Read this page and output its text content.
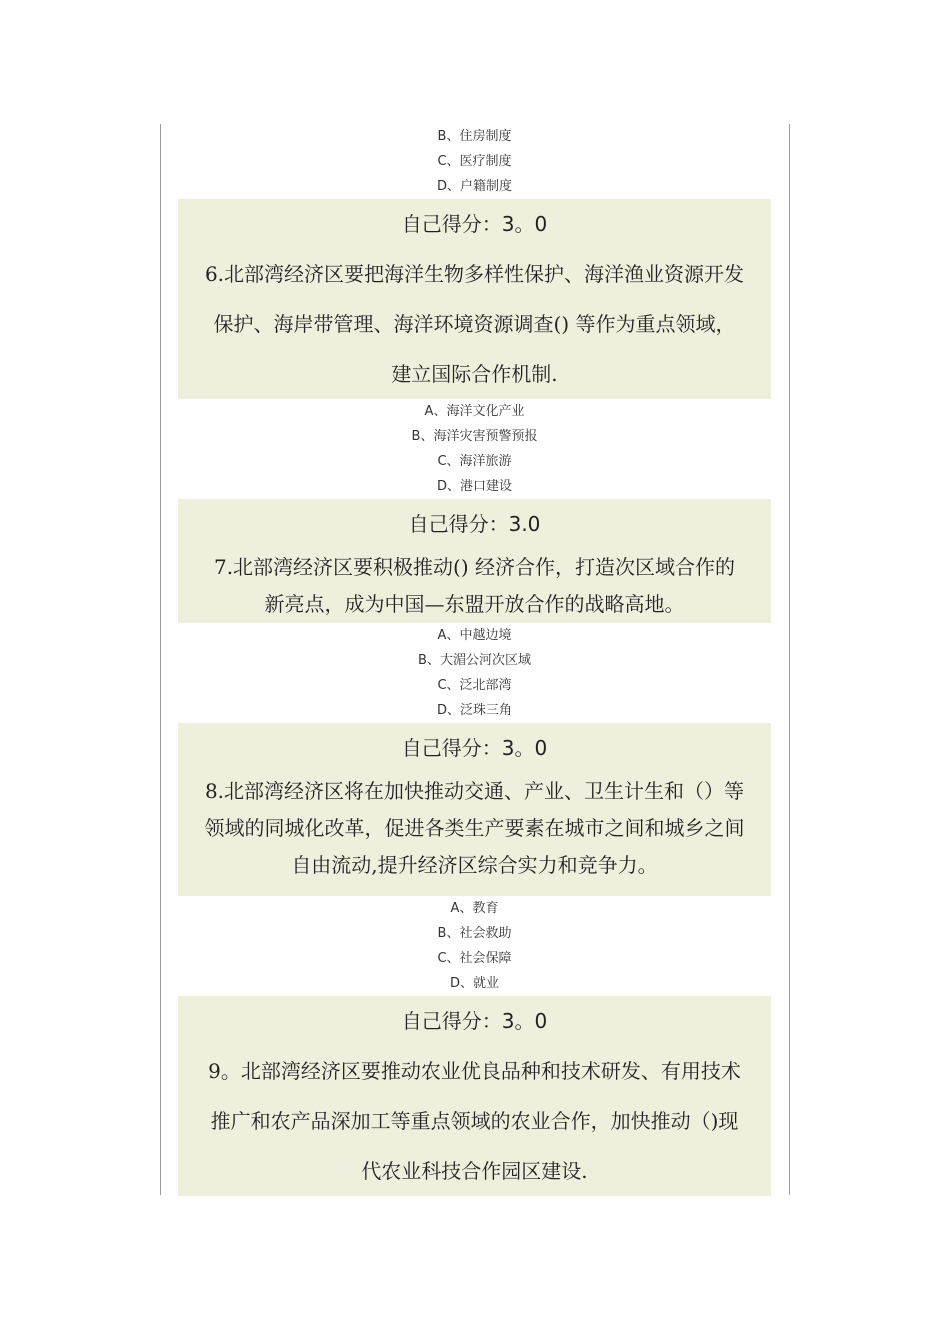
B、住房制度
C、医疗制度
D、户籍制度
自己得分：3。0
6.北部湾经济区要把海洋生物多样性保护、海洋渔业资源开发
保护、海岸带管理、海洋环境资源调查() 等作为重点领域，
建立国际合作机制.
A、海洋文化产业
B、海洋灾害预警预报
C、海洋旅游
D、港口建设
自己得分：3.0
7.北部湾经济区要积极推动() 经济合作，打造次区域合作的
新亮点，成为中国—东盟开放合作的战略高地。
A、中越边境
B、大湄公河次区域
C、泛北部湾
D、泛珠三角
自己得分：3。0
8.北部湾经济区将在加快推动交通、产业、卫生计生和（）等
领域的同城化改革，促进各类生产要素在城市之间和城乡之间
自由流动,提升经济区综合实力和竞争力。
A、教育
B、社会救助
C、社会保障
D、就业
自己得分：3。0
9。北部湾经济区要推动农业优良品种和技术研发、有用技术
推广和农产品深加工等重点领域的农业合作，加快推动（)现
代农业科技合作园区建设.
